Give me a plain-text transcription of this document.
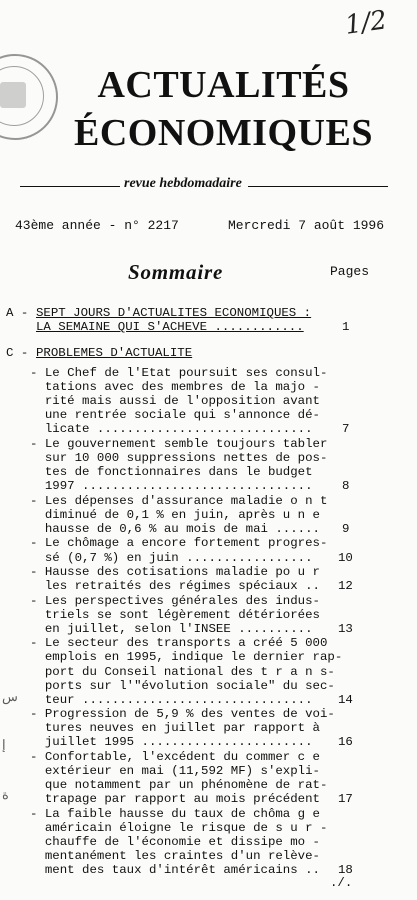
1/2
ACTUALITÉS
ÉCONOMIQUES
revue hebdomadaire
43ème année - n° 2217	Mercredi 7 août 1996
Sommaire	Pages
A - SEPT JOURS D'ACTUALITES ECONOMIQUES :
LA SEMAINE QUI S'ACHEVE ............	1
C - PROBLEMES D'ACTUALITE
- Le Chef de l'Etat poursuit ses consul-
tations avec des membres de la majo -
rité mais aussi de l'opposition avant
une rentrée sociale qui s'annonce dé-
licate ............................. 7
- Le gouvernement semble toujours tabler
sur 10 000 suppressions nettes de pos-
tes de fonctionnaires dans le budget
1997 ............................... 8
- Les dépenses d'assurance maladie o n t
diminué de 0,1 % en juin, après u n e
hausse de 0,6 % au mois de mai ...... 9
- Le chômage a encore fortement progres-
sé (0,7 %) en juin ................. 10
- Hausse des cotisations maladie po u r
les retraités des régimes spéciaux .. 12
- Les perspectives générales des indus-
triels se sont légèrement détériorées
en juillet, selon l'INSEE .......... 13
- Le secteur des transports a créé 5 000
emplois en 1995, indique le dernier rap-
port du Conseil national des t r a n s-
ports sur l'"évolution sociale" du sec-
teur ............................... 14
- Progression de 5,9 % des ventes de voi-
tures neuves en juillet par rapport à
juillet 1995 ....................... 16
- Confortable, l'excédent du commer c e
extérieur en mai (11,592 MF) s'expli-
que notamment par un phénomène de rat-
trapage par rapport au mois précédent 17
- La faible hausse du taux de chôma g e
américain éloigne le risque de s u r -
chauffe de l'économie et dissipe mo -
mentanément les craintes d'un relève-
ment des taux d'intérêt américains .. 18
./.
ﺱ
ﺇ
ﺓ
